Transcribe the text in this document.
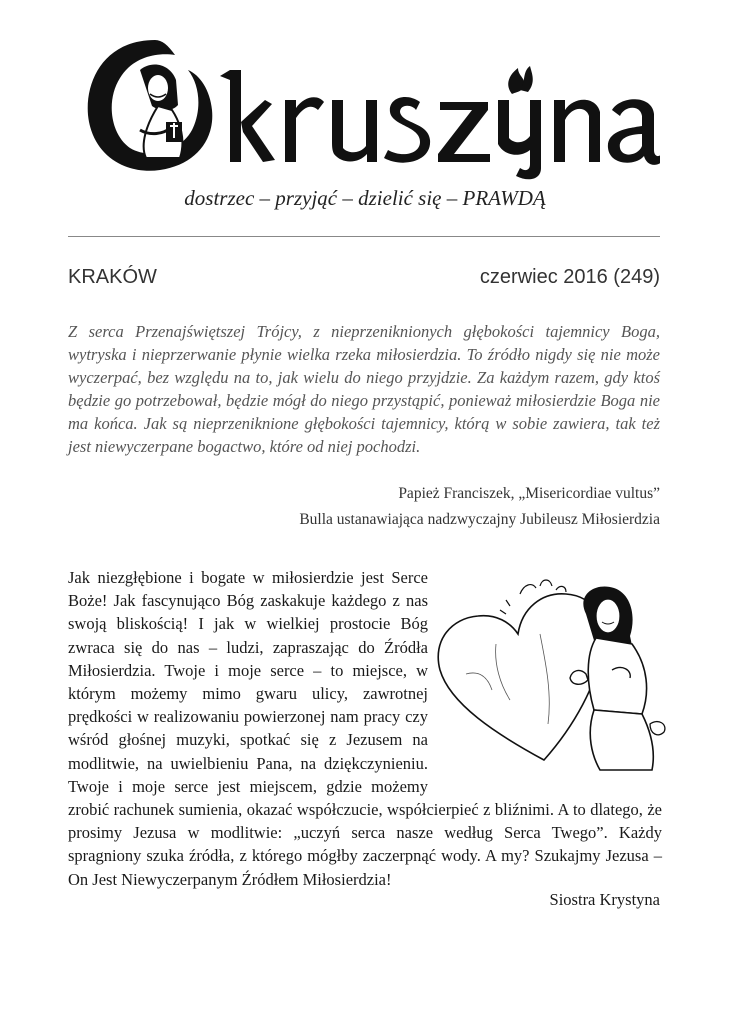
dostrzec – przyjąć – dzielić się – PRAWDĄ
KRAKÓW	czerwiec 2016 (249)
Z serca Przenajświętszej Trójcy, z nieprzeniknionych głębokości tajemnicy Boga, wytryska i nieprzerwanie płynie wielka rzeka miłosierdzia. To źródło nigdy się nie może wyczerpać, bez względu na to, jak wielu do niego przyjdzie. Za każdym razem, gdy ktoś będzie go potrzebował, będzie mógł do niego przystąpić, ponieważ miłosierdzie Boga nie ma końca. Jak są nieprzeniknione głębokości tajemnicy, którą w sobie zawiera, tak też jest niewyczerpane bogactwo, które od niej pochodzi.
Papież Franciszek, „Misericordiae vultus”
Bulla ustanawiająca nadzwyczajny Jubileusz Miłosierdzia
Jak niezgłębione i bogate w miłosierdzie jest Serce Boże! Jak fascynująco Bóg zaskakuje każdego z nas swoją bliskością! I jak w wielkiej prostocie Bóg zwraca się do nas – ludzi, zapraszając do Źródła Miłosierdzia. Twoje i moje serce – to miejsce, w którym możemy mimo gwaru ulicy, zawrotnej prędkości w realizowaniu powierzonej nam pracy czy wśród głośnej muzyki, spotkać się z Jezusem na modlitwie, na uwielbieniu Pana, na dziękczynieniu. Twoje i moje serce jest miejscem, gdzie możemy zrobić rachunek sumienia, okazać współczucie, współcierpieć z bliźnimi. A to dlatego, że prosimy Jezusa w modlitwie: „uczyń serca nasze według Serca Twego”. Każdy spragniony szuka źródła, z którego mógłby zaczerpnąć wody. A my? Szukajmy Jezusa – On Jest Niewyczerpanym Źródłem Miłosierdzia!
Siostra Krystyna
